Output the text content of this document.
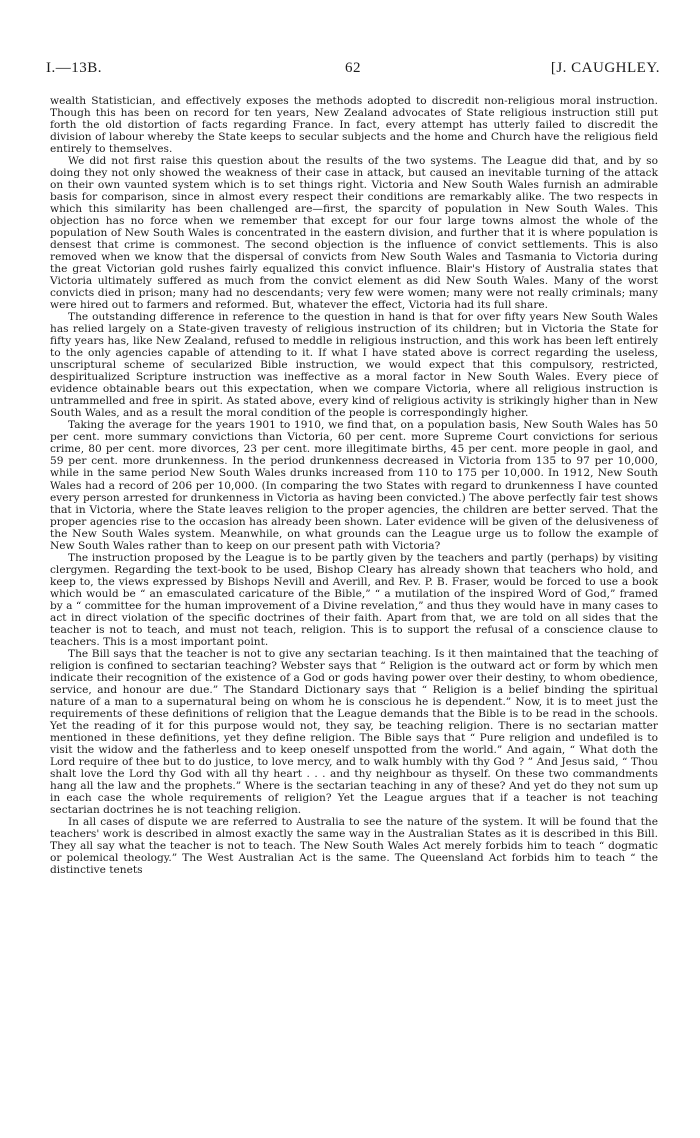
I.—13B.	62	[J. CAUGHLEY.

wealth Statistician, and effectively exposes the methods adopted to discredit non-religious moral instruction. Though this has been on record for ten years, New Zealand advocates of State religious instruction still put forth the old distortion of facts regarding France. In fact, every attempt has utterly failed to discredit the division of labour whereby the State keeps to secular subjects and the home and Church have the religious field entirely to themselves.

We did not first raise this question about the results of the two systems. The League did that, and by so doing they not only showed the weakness of their case in attack, but caused an inevitable turning of the attack on their own vaunted system which is to set things right. Victoria and New South Wales furnish an admirable basis for comparison, since in almost every respect their conditions are remarkably alike. The two respects in which this similarity has been challenged are—first, the sparcity of population in New South Wales. This objection has no force when we remember that except for our four large towns almost the whole of the population of New South Wales is concentrated in the eastern division, and further that it is where population is densest that crime is commonest. The second objection is the influence of convict settlements. This is also removed when we know that the dispersal of convicts from New South Wales and Tasmania to Victoria during the great Victorian gold rushes fairly equalized this convict influence. Blair's History of Australia states that Victoria ultimately suffered as much from the convict element as did New South Wales. Many of the worst convicts died in prison; many had no descendants; very few were women; many were not really criminals; many were hired out to farmers and reformed. But, whatever the effect, Victoria had its full share.

The outstanding difference in reference to the question in hand is that for over fifty years New South Wales has relied largely on a State-given travesty of religious instruction of its children; but in Victoria the State for fifty years has, like New Zealand, refused to meddle in religious instruction, and this work has been left entirely to the only agencies capable of attending to it. If what I have stated above is correct regarding the useless, unscriptural scheme of secularized Bible instruction, we would expect that this compulsory, restricted, despiritualized Scripture instruction was ineffective as a moral factor in New South Wales. Every piece of evidence obtainable bears out this expectation, when we compare Victoria, where all religious instruction is untrammelled and free in spirit. As stated above, every kind of religious activity is strikingly higher than in New South Wales, and as a result the moral condition of the people is correspondingly higher.

Taking the average for the years 1901 to 1910, we find that, on a population basis, New South Wales has 50 per cent. more summary convictions than Victoria, 60 per cent. more Supreme Court convictions for serious crime, 80 per cent. more divorces, 23 per cent. more illegitimate births, 45 per cent. more people in gaol, and 59 per cent. more drunkenness. In the period drunkenness decreased in Victoria from 135 to 97 per 10,000, while in the same period New South Wales drunks increased from 110 to 175 per 10,000. In 1912, New South Wales had a record of 206 per 10,000. (In comparing the two States with regard to drunkenness I have counted every person arrested for drunkenness in Victoria as having been convicted.) The above perfectly fair test shows that in Victoria, where the State leaves religion to the proper agencies, the children are better served. That the proper agencies rise to the occasion has already been shown. Later evidence will be given of the delusiveness of the New South Wales system. Meanwhile, on what grounds can the League urge us to follow the example of New South Wales rather than to keep on our present path with Victoria?

The instruction proposed by the League is to be partly given by the teachers and partly (perhaps) by visiting clergymen. Regarding the text-book to be used, Bishop Cleary has already shown that teachers who hold, and keep to, the views expressed by Bishops Nevill and Averill, and Rev. P. B. Fraser, would be forced to use a book which would be “ an emasculated caricature of the Bible,” “ a mutilation of the inspired Word of God,” framed by a “ committee for the human improvement of a Divine revelation,” and thus they would have in many cases to act in direct violation of the specific doctrines of their faith. Apart from that, we are told on all sides that the teacher is not to teach, and must not teach, religion. This is to support the refusal of a conscience clause to teachers. This is a most important point.

The Bill says that the teacher is not to give any sectarian teaching. Is it then maintained that the teaching of religion is confined to sectarian teaching? Webster says that “ Religion is the outward act or form by which men indicate their recognition of the existence of a God or gods having power over their destiny, to whom obedience, service, and honour are due.” The Standard Dictionary says that “ Religion is a belief binding the spiritual nature of a man to a supernatural being on whom he is conscious he is dependent.” Now, it is to meet just the requirements of these definitions of religion that the League demands that the Bible is to be read in the schools. Yet the reading of it for this purpose would not, they say, be teaching religion. There is no sectarian matter mentioned in these definitions, yet they define religion. The Bible says that “ Pure religion and undefiled is to visit the widow and the fatherless and to keep oneself unspotted from the world.” And again, “ What doth the Lord require of thee but to do justice, to love mercy, and to walk humbly with thy God ? ” And Jesus said, “ Thou shalt love the Lord thy God with all thy heart . . . and thy neighbour as thyself. On these two commandments hang all the law and the prophets.” Where is the sectarian teaching in any of these? And yet do they not sum up in each case the whole requirements of religion? Yet the League argues that if a teacher is not teaching sectarian doctrines he is not teaching religion.

In all cases of dispute we are referred to Australia to see the nature of the system. It will be found that the teachers' work is described in almost exactly the same way in the Australian States as it is described in this Bill. They all say what the teacher is not to teach. The New South Wales Act merely forbids him to teach “ dogmatic or polemical theology.” The West Australian Act is the same. The Queensland Act forbids him to teach “ the distinctive tenets
